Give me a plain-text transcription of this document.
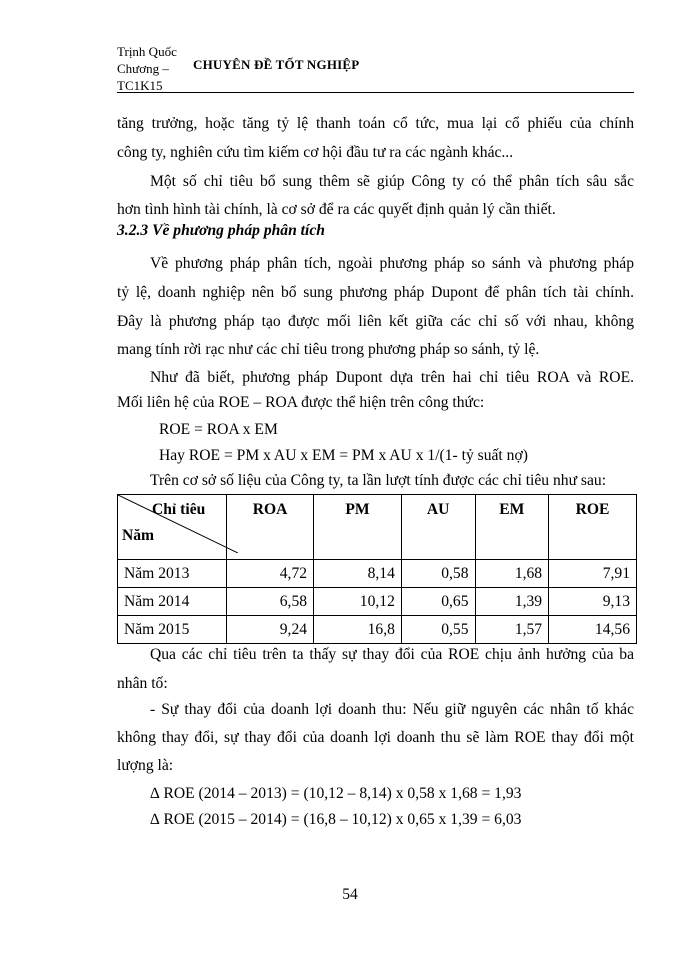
Trịnh Quốc Chương – TC1K15
CHUYÊN ĐỀ TỐT NGHIỆP
tăng trưởng, hoặc tăng tỷ lệ thanh toán cổ tức, mua lại cổ phiếu của chính
công ty, nghiên cứu tìm kiếm cơ hội đầu tư ra các ngành khác...
Một số chỉ tiêu bổ sung thêm sẽ giúp Công ty có thể phân tích sâu sắc
hơn tình hình tài chính, là cơ sở để ra các quyết định quản lý cần thiết.
3.2.3 Về phương pháp phân tích
Về phương pháp phân tích, ngoài phương pháp so sánh và phương pháp
tỷ lệ, doanh nghiệp nên bổ sung phương pháp Dupont để phân tích tài chính.
Đây là phương pháp tạo được mối liên kết giữa các chỉ số với nhau, không
mang tính rời rạc như các chỉ tiêu trong phương pháp so sánh, tỷ lệ.
Như đã biết, phương pháp Dupont dựa trên hai chỉ tiêu ROA và ROE.
Mối liên hệ của ROE – ROA được thể hiện trên công thức:
ROE = ROA x EM
Hay ROE = PM x AU x EM = PM x AU x 1/(1- tỷ suất nợ)
Trên cơ sở số liệu của Công ty, ta lần lượt tính được các chỉ tiêu như sau:
Chỉ tiêu
Năm	ROA	PM	AU	EM	ROE
Năm 2013	4,72	8,14	0,58	1,68	7,91
Năm 2014	6,58	10,12	0,65	1,39	9,13
Năm 2015	9,24	16,8	0,55	1,57	14,56
Qua các chỉ tiêu trên ta thấy sự thay đổi của ROE chịu ảnh hưởng của ba
nhân tố:
- Sự thay đổi của doanh lợi doanh thu: Nếu giữ nguyên các nhân tố khác
không thay đổi, sự thay đổi của doanh lợi doanh thu sẽ làm ROE thay đổi một
lượng là:
∆ ROE (2014 – 2013) = (10,12 – 8,14) x 0,58 x 1,68 = 1,93
∆ ROE (2015 – 2014) = (16,8 – 10,12) x 0,65 x 1,39 = 6,03
54
